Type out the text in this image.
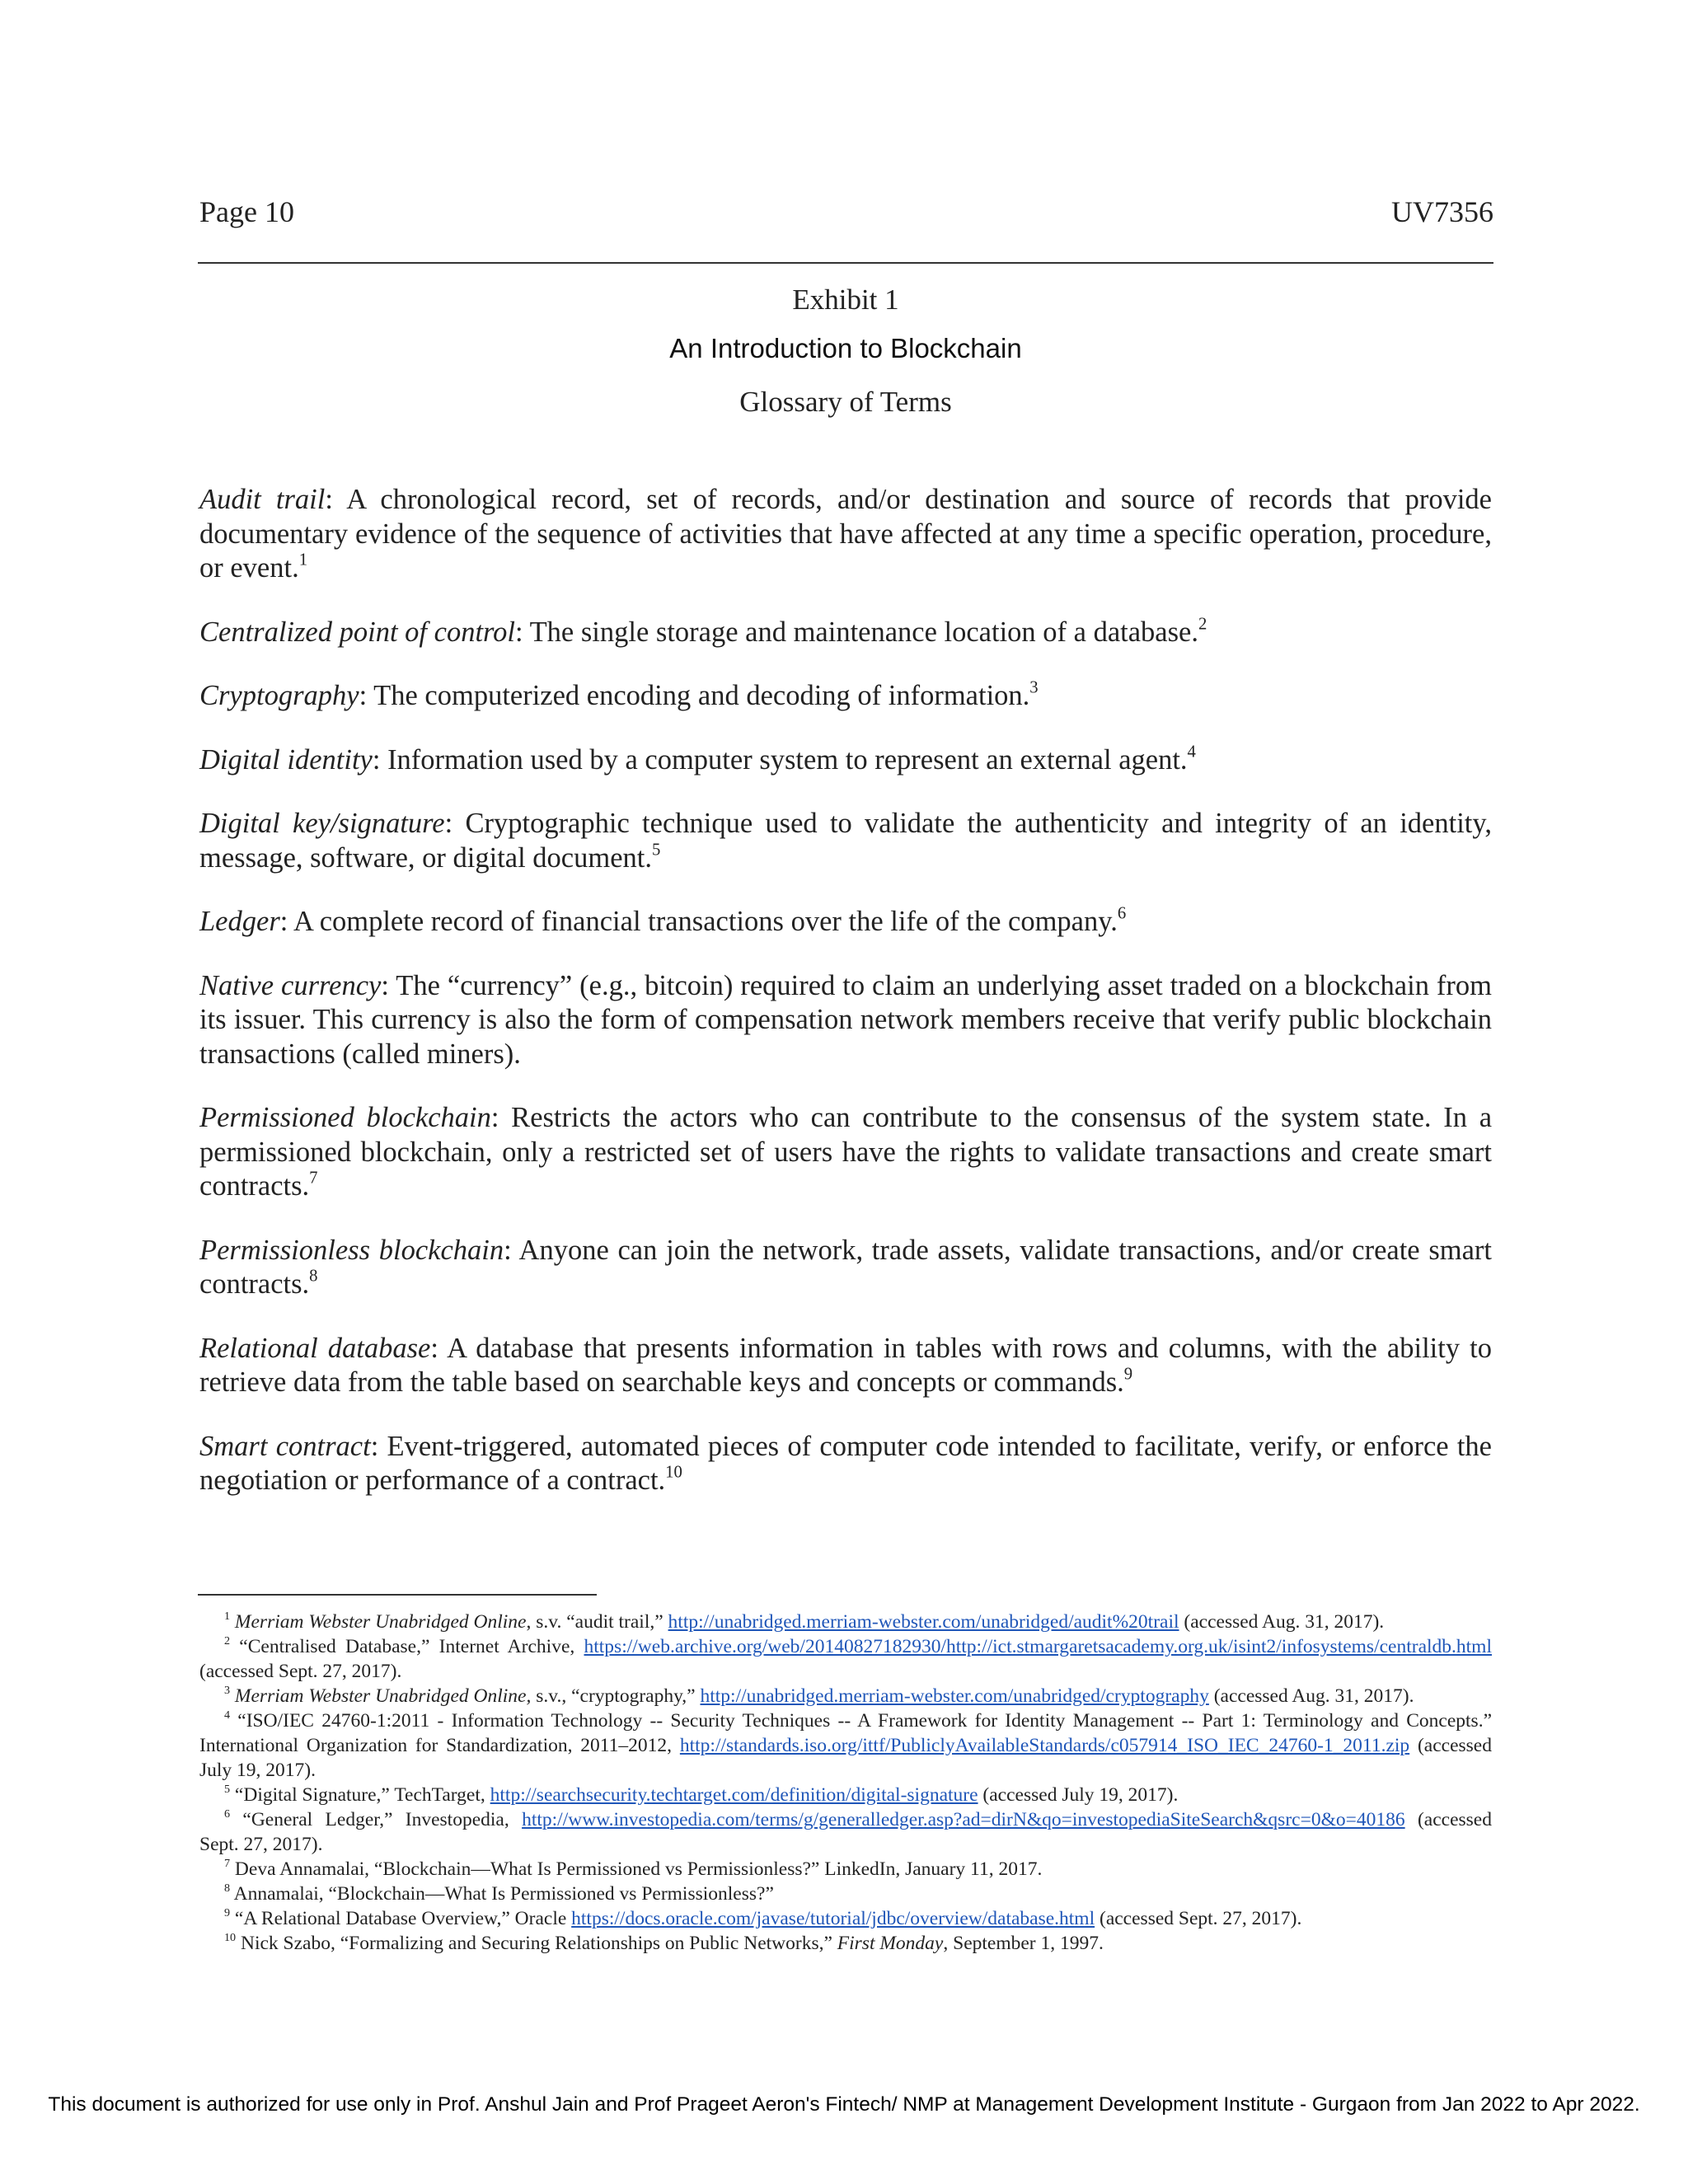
Page 10	UV7356
Exhibit 1
An Introduction to Blockchain
Glossary of Terms

Audit trail: A chronological record, set of records, and/or destination and source of records that provide documentary evidence of the sequence of activities that have affected at any time a specific operation, procedure, or event.$^1$

Centralized point of control: The single storage and maintenance location of a database.$^2$

Cryptography: The computerized encoding and decoding of information.$^3$

Digital identity: Information used by a computer system to represent an external agent.$^4$

Digital key/signature: Cryptographic technique used to validate the authenticity and integrity of an identity, message, software, or digital document.$^5$

Ledger: A complete record of financial transactions over the life of the company.$^6$

Native currency: The “currency” (e.g., bitcoin) required to claim an underlying asset traded on a blockchain from its issuer. This currency is also the form of compensation network members receive that verify public blockchain transactions (called miners).

Permissioned blockchain: Restricts the actors who can contribute to the consensus of the system state. In a permissioned blockchain, only a restricted set of users have the rights to validate transactions and create smart contracts.$^7$

Permissionless blockchain: Anyone can join the network, trade assets, validate transactions, and/or create smart contracts.$^8$

Relational database: A database that presents information in tables with rows and columns, with the ability to retrieve data from the table based on searchable keys and concepts or commands.$^9$

Smart contract: Event-triggered, automated pieces of computer code intended to facilitate, verify, or enforce the negotiation or performance of a contract.$^{10}$

$^1$ Merriam Webster Unabridged Online, s.v. “audit trail,” http://unabridged.merriam-webster.com/unabridged/audit%20trail (accessed Aug. 31, 2017).

$^2$ “Centralised Database,” Internet Archive, https://web.archive.org/web/20140827182930/http://ict.stmargaretsacademy.org.uk/isint2/infosystems/centraldb.html (accessed Sept. 27, 2017).

$^3$ Merriam Webster Unabridged Online, s.v., “cryptography,” http://unabridged.merriam-webster.com/unabridged/cryptography (accessed Aug. 31, 2017).

$^4$ “ISO/IEC 24760-1:2011 - Information Technology -- Security Techniques -- A Framework for Identity Management -- Part 1: Terminology and Concepts.” International Organization for Standardization, 2011–2012, http://standards.iso.org/ittf/PubliclyAvailableStandards/c057914_ISO_IEC_24760-1_2011.zip (accessed July 19, 2017).

$^5$ “Digital Signature,” TechTarget, http://searchsecurity.techtarget.com/definition/digital-signature (accessed July 19, 2017).

$^6$ “General Ledger,” Investopedia, http://www.investopedia.com/terms/g/generalledger.asp?ad=dirN&qo=investopediaSiteSearch&qsrc=0&o=40186 (accessed Sept. 27, 2017).

$^7$ Deva Annamalai, “Blockchain—What Is Permissioned vs Permissionless?” LinkedIn, January 11, 2017.

$^8$ Annamalai, “Blockchain—What Is Permissioned vs Permissionless?”

$^9$ “A Relational Database Overview,” Oracle https://docs.oracle.com/javase/tutorial/jdbc/overview/database.html (accessed Sept. 27, 2017).

$^{10}$ Nick Szabo, “Formalizing and Securing Relationships on Public Networks,” First Monday, September 1, 1997.

This document is authorized for use only in Prof. Anshul Jain and Prof Prageet Aeron's Fintech/ NMP at Management Development Institute - Gurgaon from Jan 2022 to Apr 2022.
